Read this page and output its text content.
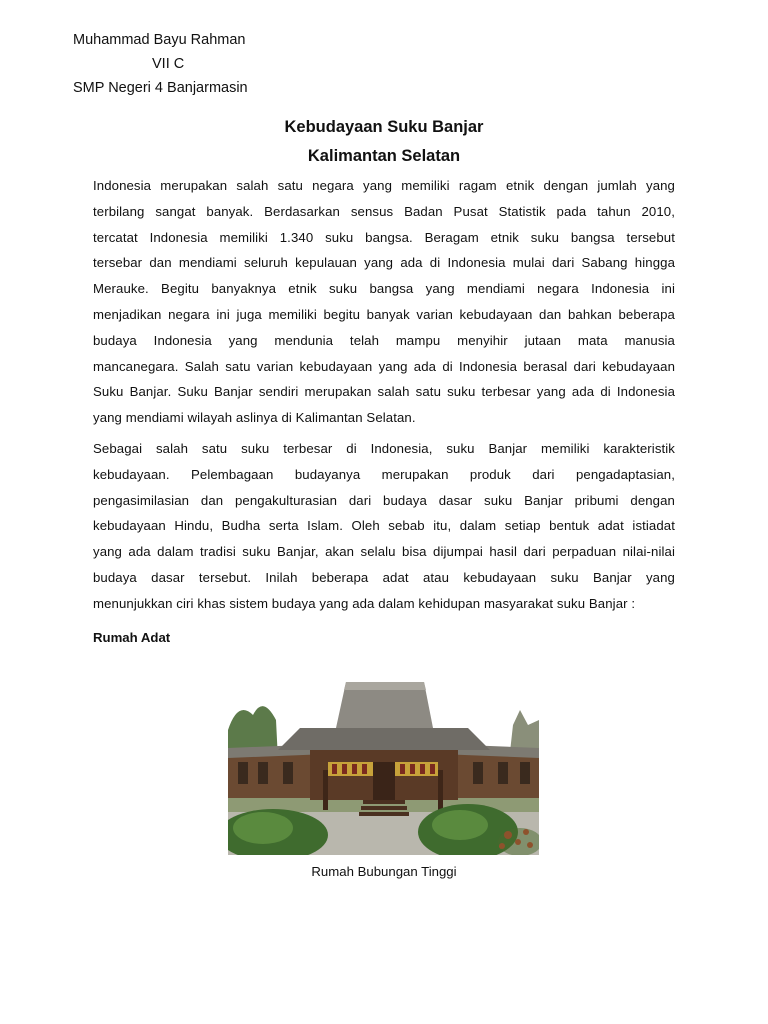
Muhammad Bayu Rahman
VII C
SMP Negeri 4 Banjarmasin
Kebudayaan Suku Banjar
Kalimantan Selatan
Indonesia merupakan salah satu negara yang memiliki ragam etnik dengan jumlah yang
terbilang sangat banyak. Berdasarkan sensus Badan Pusat Statistik pada tahun 2010,
tercatat Indonesia memiliki 1.340 suku bangsa. Beragam etnik suku bangsa tersebut
tersebar dan mendiami seluruh kepulauan yang ada di Indonesia mulai dari Sabang hingga
Merauke. Begitu banyaknya etnik suku bangsa yang mendiami negara Indonesia ini
menjadikan negara ini juga memiliki begitu banyak varian kebudayaan dan bahkan beberapa
budaya Indonesia yang mendunia telah mampu menyihir jutaan mata manusia
mancanegara. Salah satu varian kebudayaan yang ada di Indonesia berasal dari kebudayaan
Suku Banjar. Suku Banjar sendiri merupakan salah satu suku terbesar yang ada di Indonesia
yang mendiami wilayah aslinya di Kalimantan Selatan.
Sebagai salah satu suku terbesar di Indonesia, suku Banjar memiliki karakteristik
kebudayaan. Pelembagaan budayanya merupakan produk dari pengadaptasian,
pengasimilasian dan pengakulturasian dari budaya dasar suku Banjar pribumi dengan
kebudayaan Hindu, Budha serta Islam. Oleh sebab itu, dalam setiap bentuk adat istiadat
yang ada dalam tradisi suku Banjar, akan selalu bisa dijumpai hasil dari perpaduan nilai-nilai
budaya dasar tersebut. Inilah beberapa adat atau kebudayaan suku Banjar yang
menunjukkan ciri khas sistem budaya yang ada dalam kehidupan masyarakat suku Banjar :
Rumah Adat
Rumah Bubungan Tinggi
